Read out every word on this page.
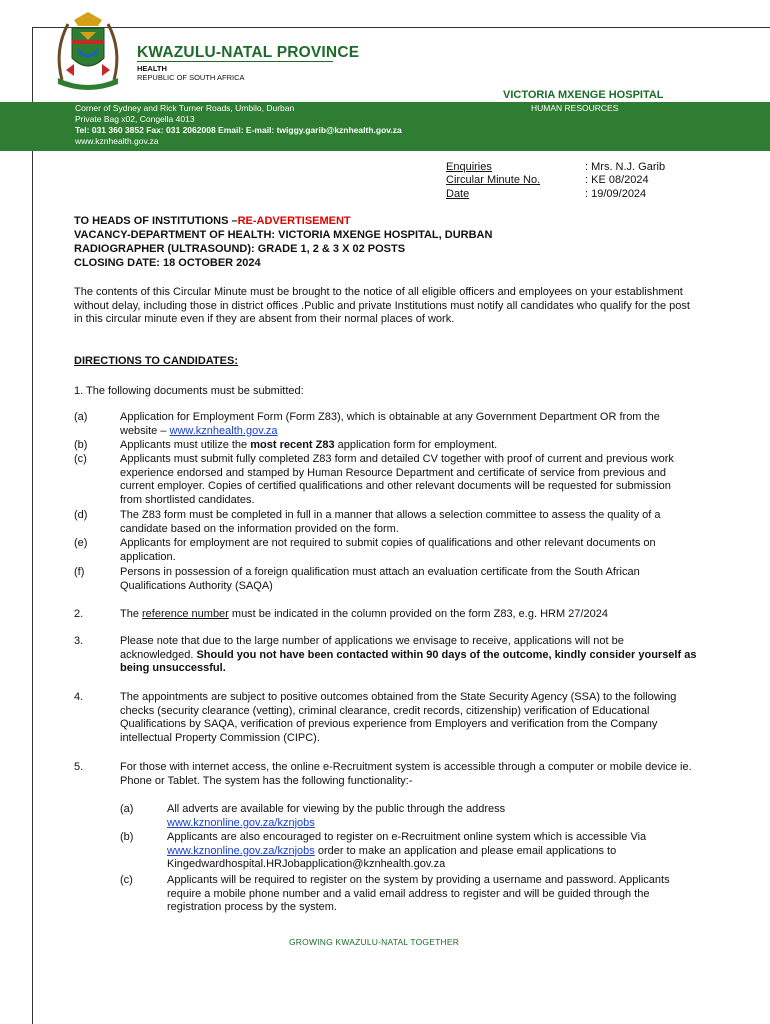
KWAZULU-NATAL PROVINCE
HEALTH
REPUBLIC OF SOUTH AFRICA
VICTORIA MXENGE HOSPITAL
HUMAN RESOURCES
Corner of Sydney and Rick Turner Roads, Umbilo, Durban
Private Bag x02, Congella 4013
Tel: 031 360 3852 Fax: 031 2062008 Email: E-mail: twiggy.garib@kznhealth.gov.za
www.kznhealth.gov.za
Enquiries	: Mrs. N.J. Garib
Circular Minute No.	: KE 08/2024
Date	: 19/09/2024
TO HEADS OF INSTITUTIONS –RE-ADVERTISEMENT
VACANCY-DEPARTMENT OF HEALTH: VICTORIA MXENGE HOSPITAL, DURBAN
RADIOGRAPHER (ULTRASOUND): GRADE 1, 2 & 3 X 02 POSTS
CLOSING DATE: 18 OCTOBER 2024
The contents of this Circular Minute must be brought to the notice of all eligible officers and employees on your establishment without delay, including those in district offices .Public and private Institutions must notify all candidates who qualify for the post in this circular minute even if they are absent from their normal places of work.
DIRECTIONS TO CANDIDATES:
1. The following documents must be submitted:
(a)	Application for Employment Form (Form Z83), which is obtainable at any Government Department OR from the website – www.kznhealth.gov.za
(b)	Applicants must utilize the most recent Z83 application form for employment.
(c)	Applicants must submit fully completed Z83 form and detailed CV together with proof of current and previous work experience endorsed and stamped by Human Resource Department and certificate of service from previous and current employer. Copies of certified qualifications and other relevant documents will be requested for submission from shortlisted candidates.
(d)	The Z83 form must be completed in full in a manner that allows a selection committee to assess the quality of a candidate based on the information provided on the form.
(e)	Applicants for employment are not required to submit copies of qualifications and other relevant documents on application.
(f)	Persons in possession of a foreign qualification must attach an evaluation certificate from the South African Qualifications Authority (SAQA)
2.	The reference number must be indicated in the column provided on the form Z83, e.g. HRM 27/2024
3.	Please note that due to the large number of applications we envisage to receive, applications will not be acknowledged. Should you not have been contacted within 90 days of the outcome, kindly consider yourself as being unsuccessful.
4.	The appointments are subject to positive outcomes obtained from the State Security Agency (SSA) to the following checks (security clearance (vetting), criminal clearance, credit records, citizenship) verification of Educational Qualifications by SAQA, verification of previous experience from Employers and verification from the Company intellectual Property Commission (CIPC).
5.	For those with internet access, the online e-Recruitment system is accessible through a computer or mobile device ie. Phone or Tablet. The system has the following functionality:-
(a)	All adverts are available for viewing by the public through the address www.kznonline.gov.za/kznjobs
(b)	Applicants are also encouraged to register on e-Recruitment online system which is accessible Via www.kznonline.gov.za/kznjobs order to make an application and please email applications to Kingedwardhospital.HRJobapplication@kznhealth.gov.za
(c)	Applicants will be required to register on the system by providing a username and password. Applicants require a mobile phone number and a valid email address to register and will be guided through the registration process by the system.
GROWING KWAZULU-NATAL TOGETHER
